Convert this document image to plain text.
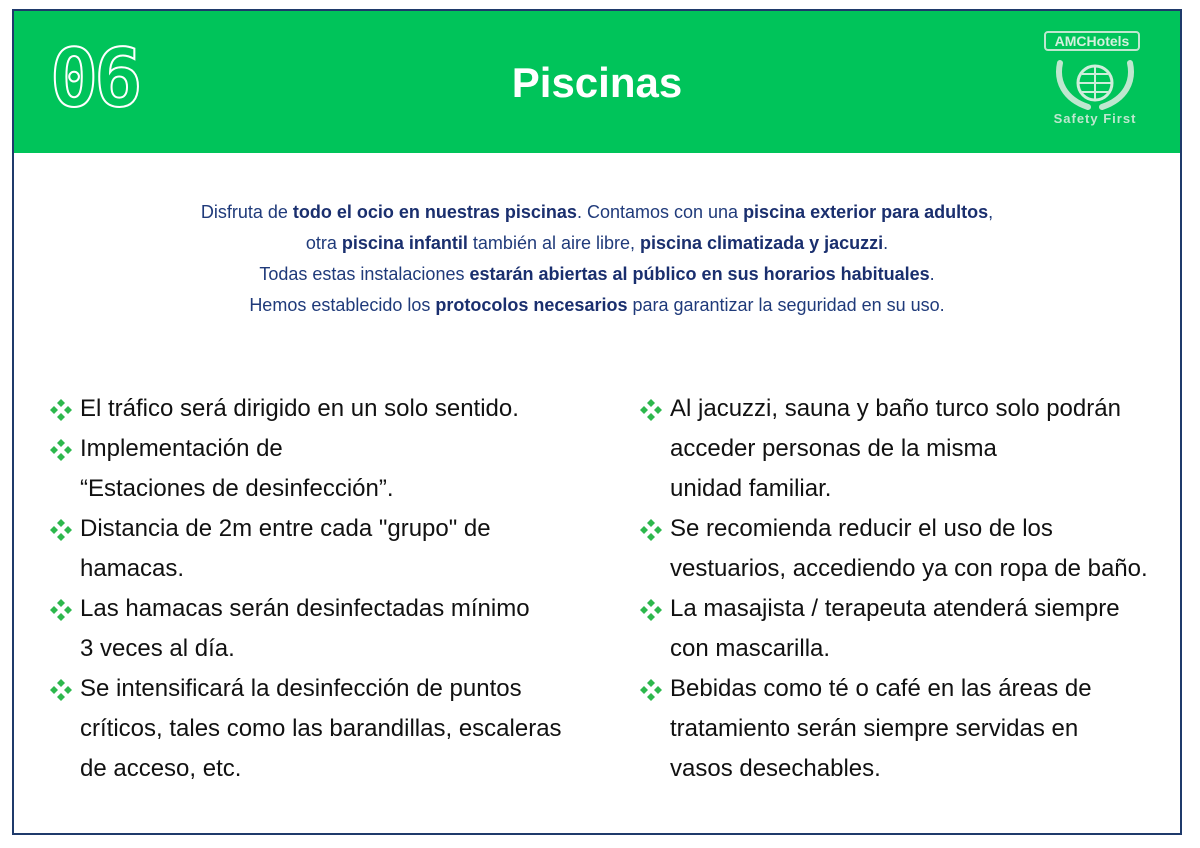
06	Piscinas
AMCHotels
Safety First

Disfruta de todo el ocio en nuestras piscinas. Contamos con una piscina exterior para adultos,

otra piscina infantil también al aire libre, piscina climatizada y jacuzzi.

Todas estas instalaciones estarán abiertas al público en sus horarios habituales.

Hemos establecido los protocolos necesarios para garantizar la seguridad en su uso.

El tráfico será dirigido en un solo sentido.
Implementación de
“Estaciones de desinfección”.
Distancia de 2m entre cada "grupo" de
hamacas.
Las hamacas serán desinfectadas mínimo
3 veces al día.
Se intensificará la desinfección de puntos
críticos, tales como las barandillas, escaleras
de acceso, etc.
Al jacuzzi, sauna y baño turco solo podrán
acceder personas de la misma
unidad familiar.
Se recomienda reducir el uso de los
vestuarios, accediendo ya con ropa de baño.
La masajista / terapeuta atenderá siempre
con mascarilla.
Bebidas como té o café en las áreas de
tratamiento serán siempre servidas en
vasos desechables.
